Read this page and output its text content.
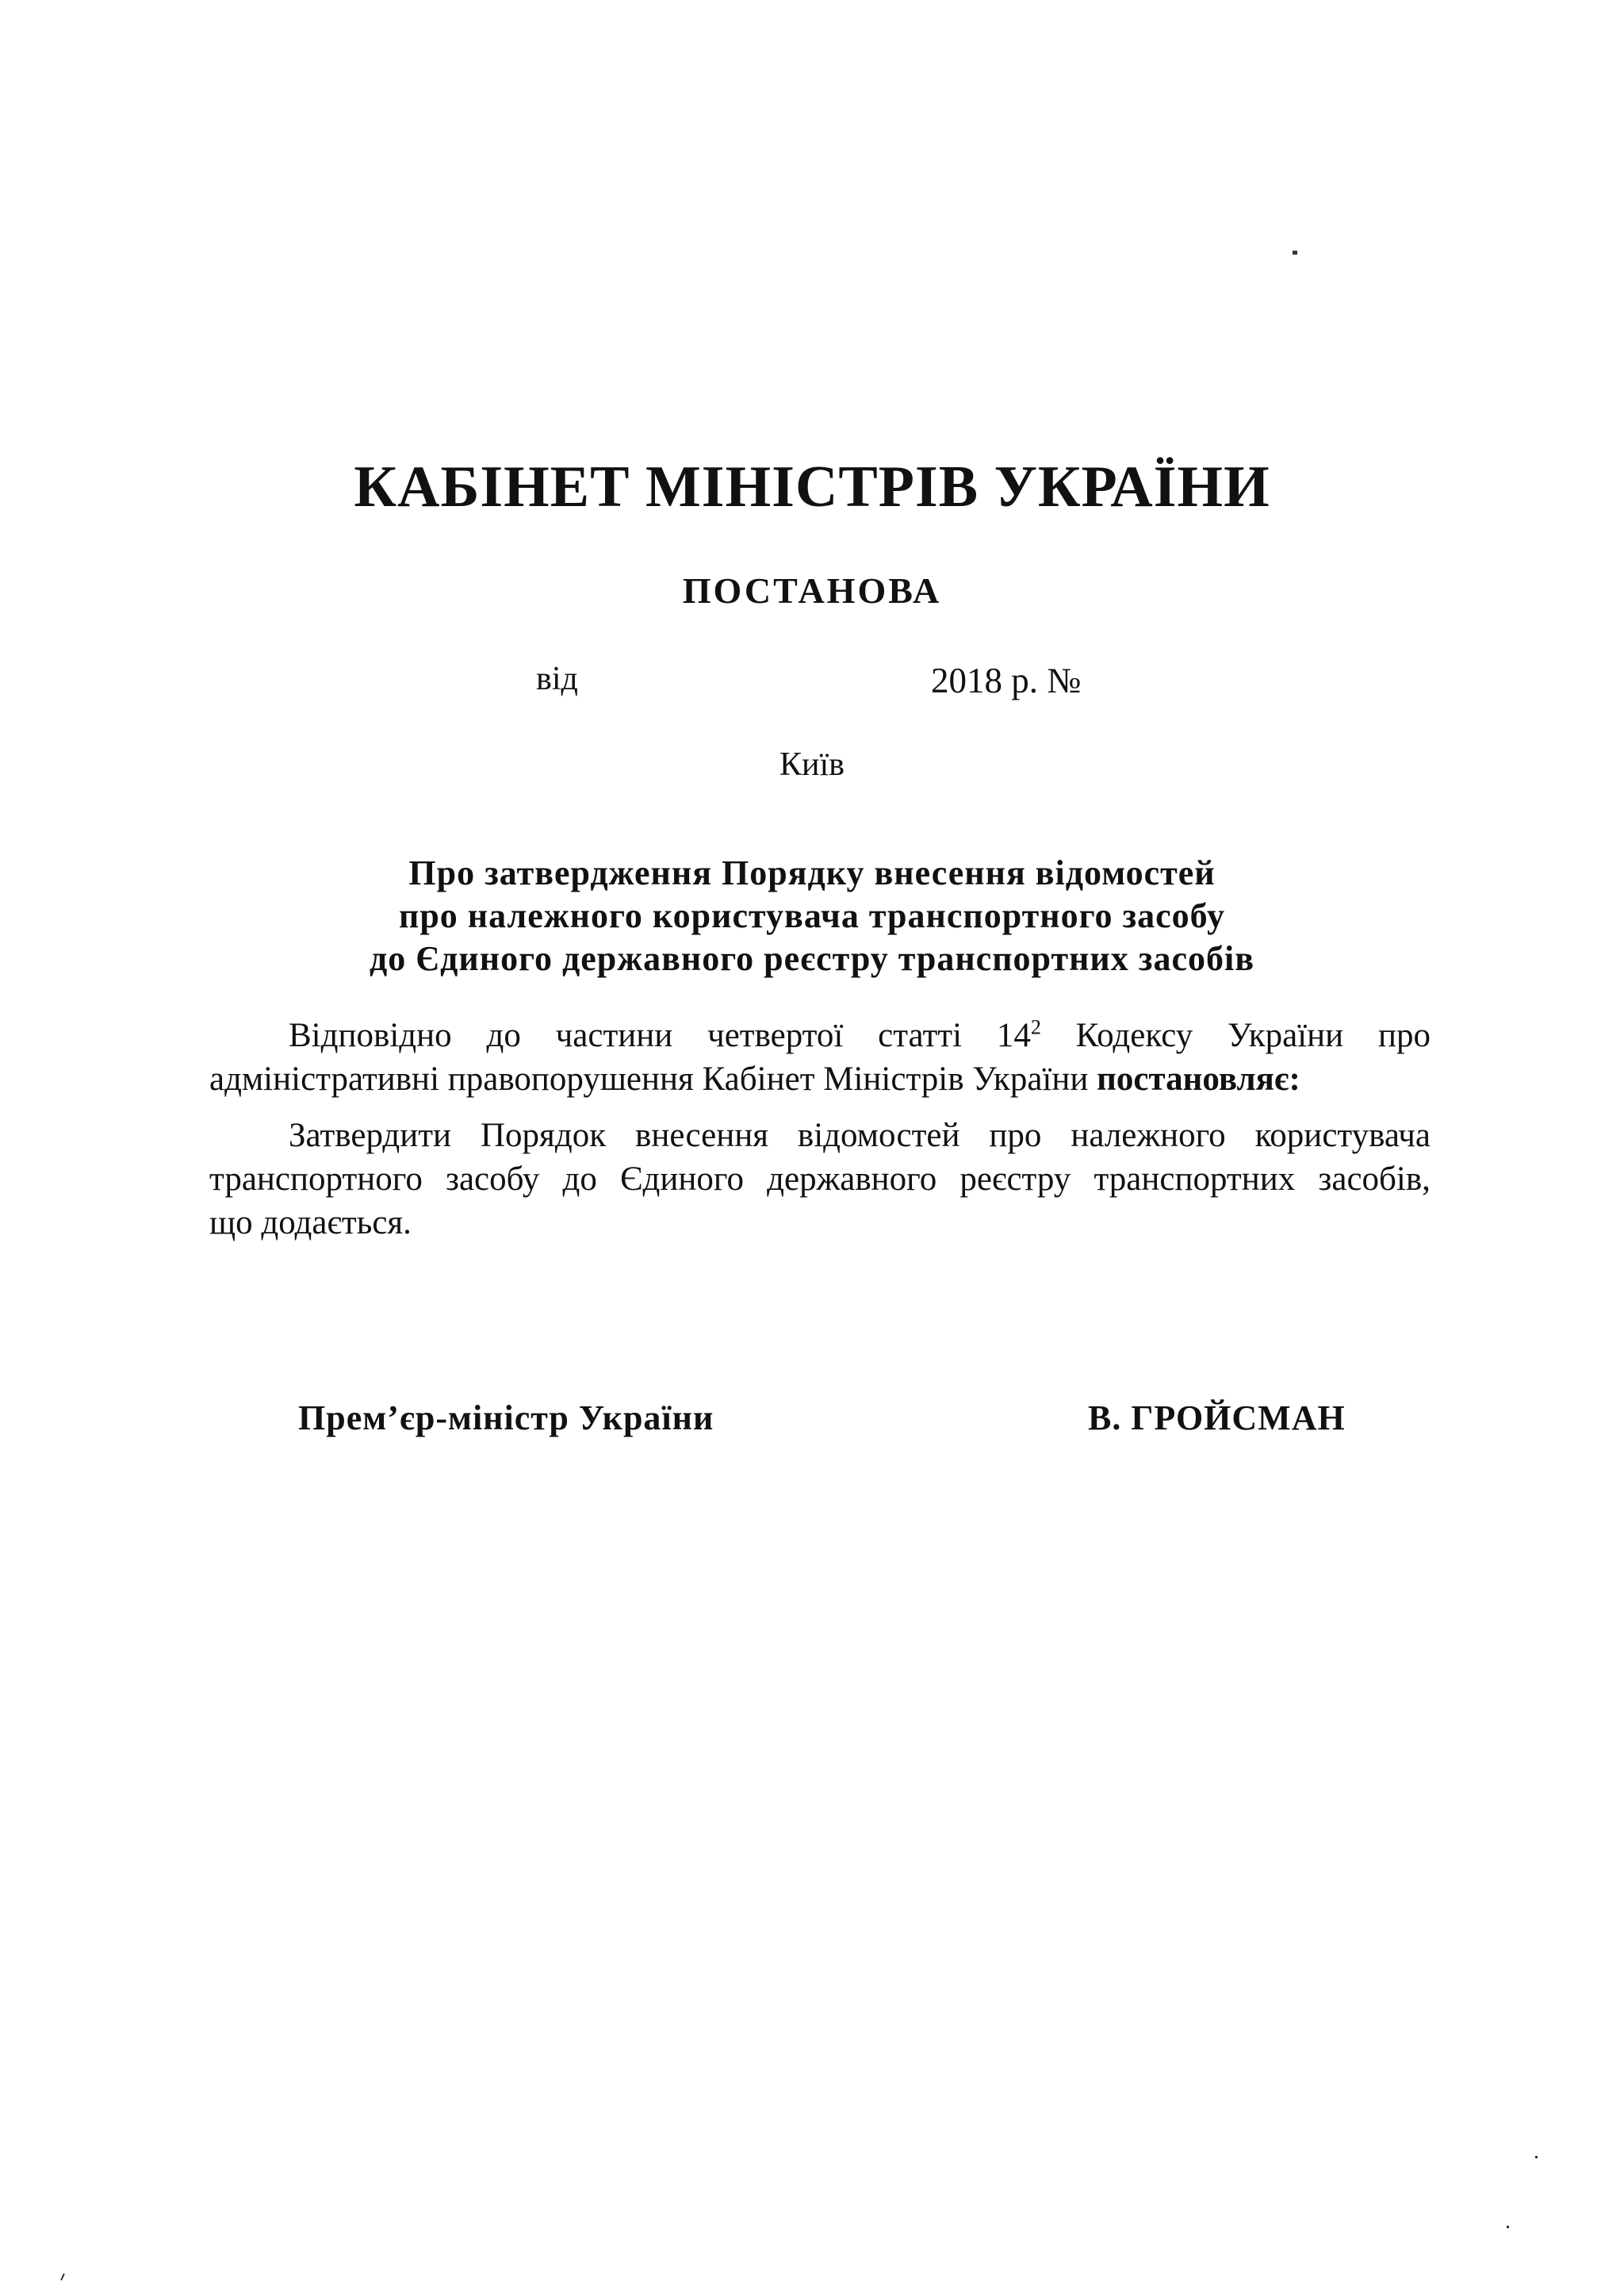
КАБІНЕТ МІНІСТРІВ УКРАЇНИ
ПОСТАНОВА
від	2018 р. №
Київ
Про затвердження Порядку внесення відомостей
про належного користувача транспортного засобу
до Єдиного державного реєстру транспортних засобів
Відповідно до частини четвертої статті $14^2$ Кодексу України про
адміністративні правопорушення Кабінет Міністрів України постановляє:
Затвердити Порядок внесення відомостей про належного користувача
транспортного засобу до Єдиного державного реєстру транспортних засобів,
що додається.
Прем’єр-міністр України	В. ГРОЙСМАН
